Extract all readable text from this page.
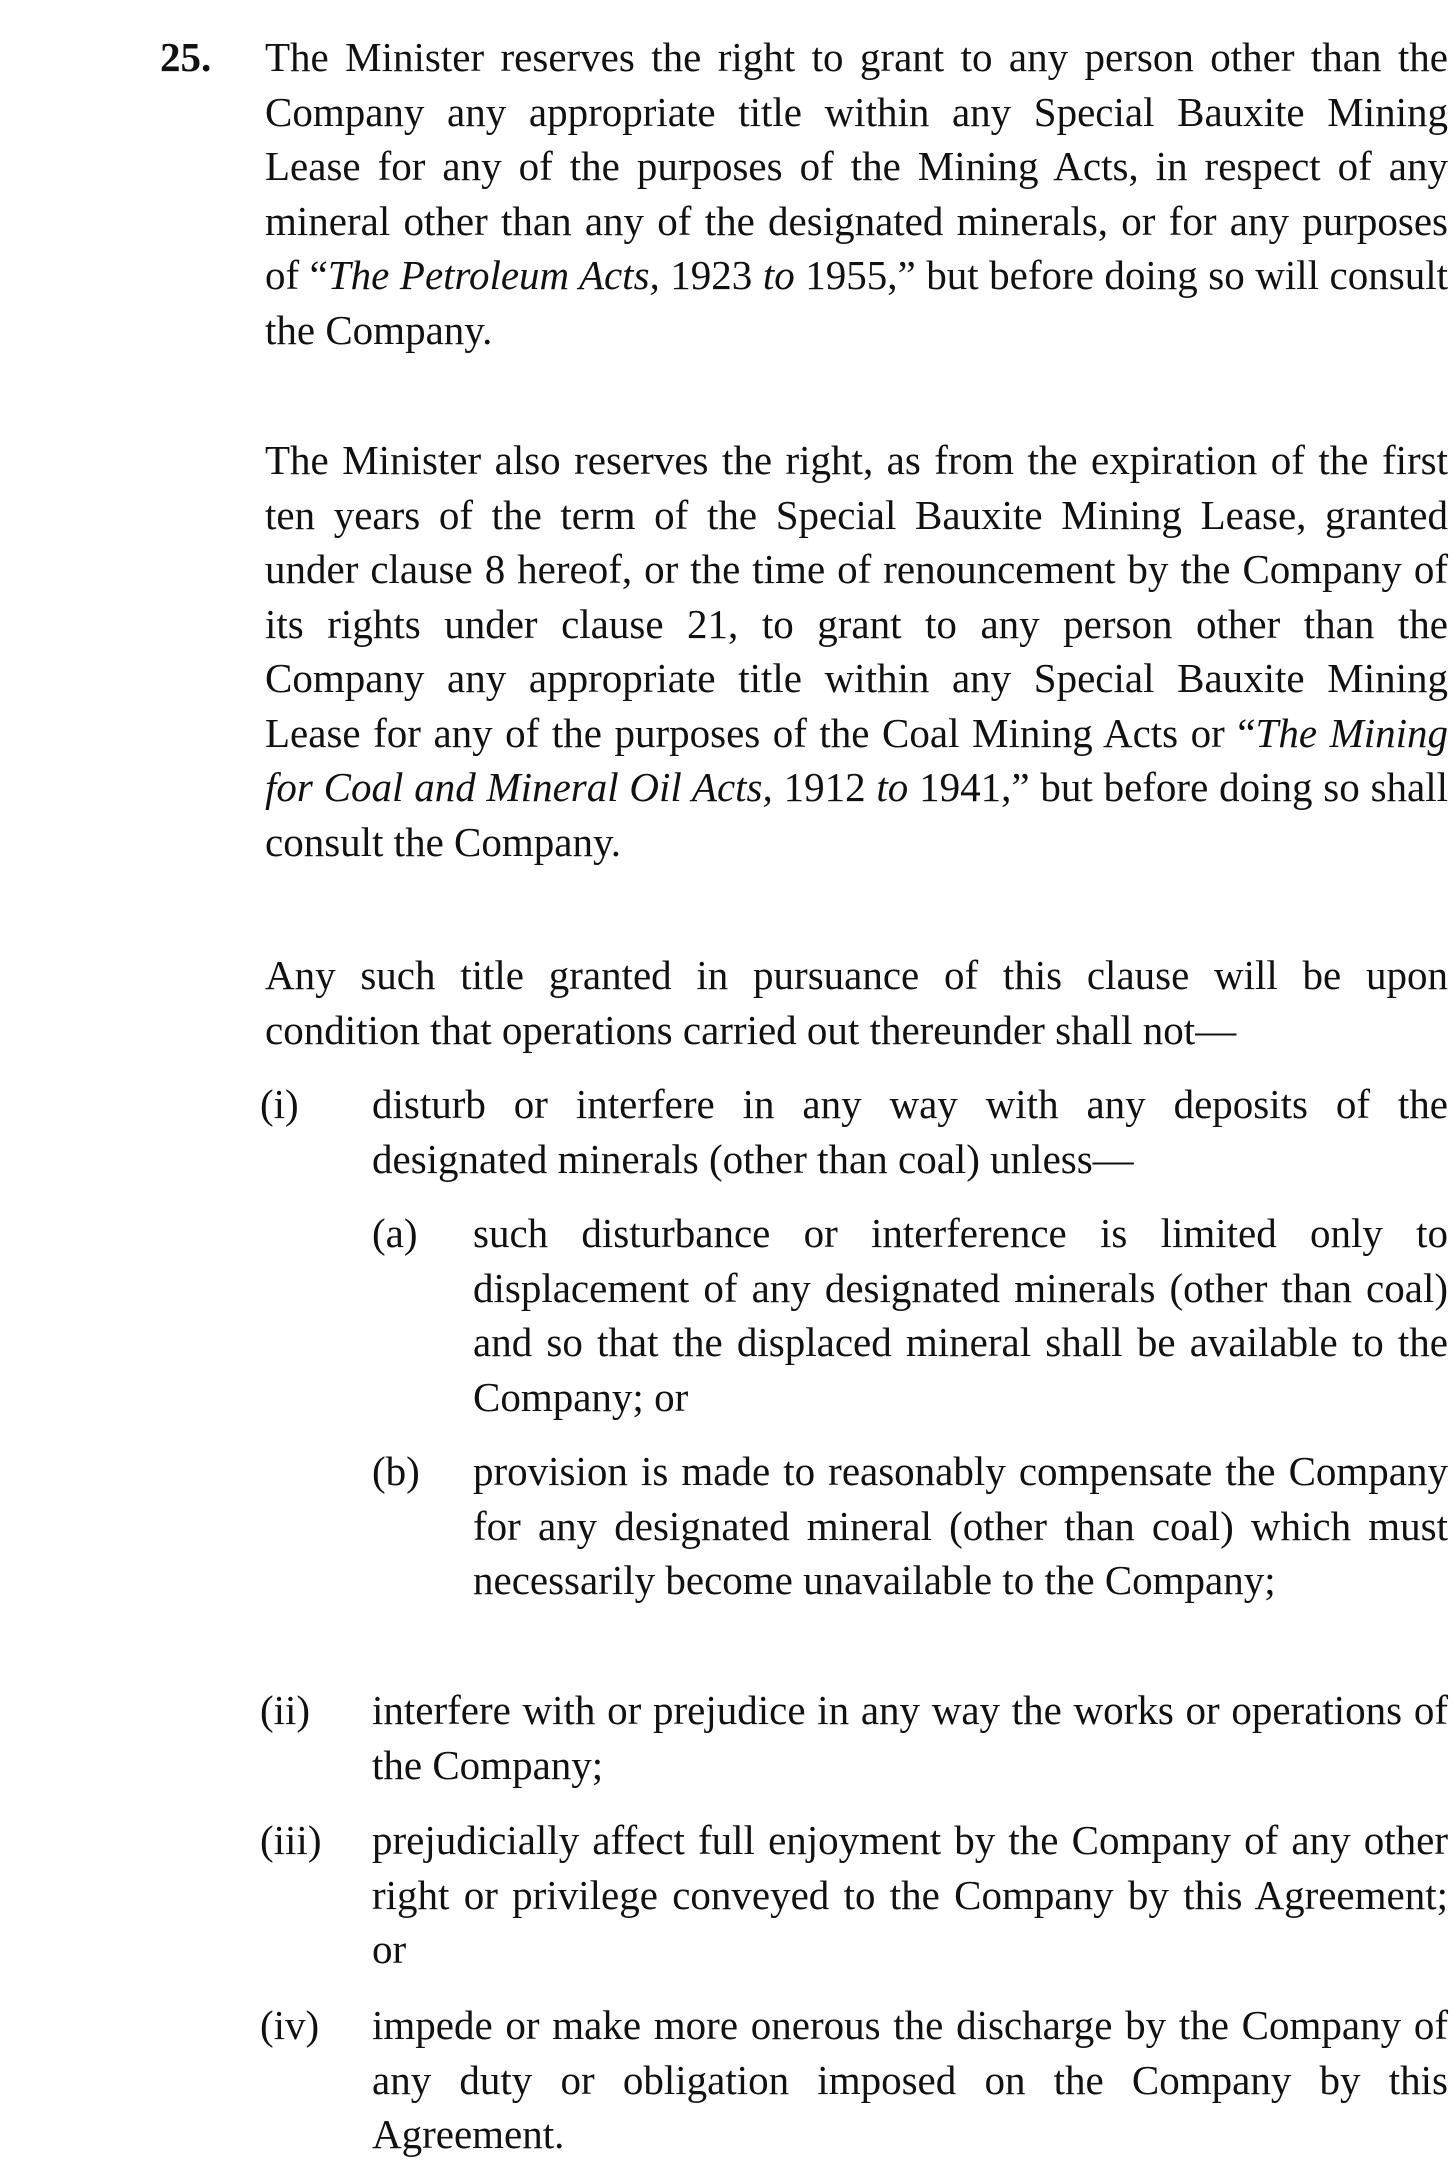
25. The Minister reserves the right to grant to any person other than the Company any appropriate title within any Special Bauxite Mining Lease for any of the purposes of the Mining Acts, in respect of any mineral other than any of the designated minerals, or for any purposes of “The Petroleum Acts, 1923 to 1955,” but before doing so will consult the Company.

The Minister also reserves the right, as from the expiration of the first ten years of the term of the Special Bauxite Mining Lease, granted under clause 8 hereof, or the time of renouncement by the Company of its rights under clause 21, to grant to any person other than the Company any appropriate title within any Special Bauxite Mining Lease for any of the purposes of the Coal Mining Acts or “The Mining for Coal and Mineral Oil Acts, 1912 to 1941,” but before doing so shall consult the Company.

Any such title granted in pursuance of this clause will be upon condition that operations carried out thereunder shall not—

(i) disturb or interfere in any way with any deposits of the designated minerals (other than coal) unless—

(a) such disturbance or interference is limited only to displacement of any designated minerals (other than coal) and so that the displaced mineral shall be available to the Company; or

(b) provision is made to reasonably compensate the Company for any designated mineral (other than coal) which must necessarily become unavailable to the Company;

(ii) interfere with or prejudice in any way the works or operations of the Company;

(iii) prejudicially affect full enjoyment by the Company of any other right or privilege conveyed to the Company by this Agreement; or

(iv) impede or make more onerous the discharge by the Company of any duty or obligation imposed on the Company by this Agreement.
